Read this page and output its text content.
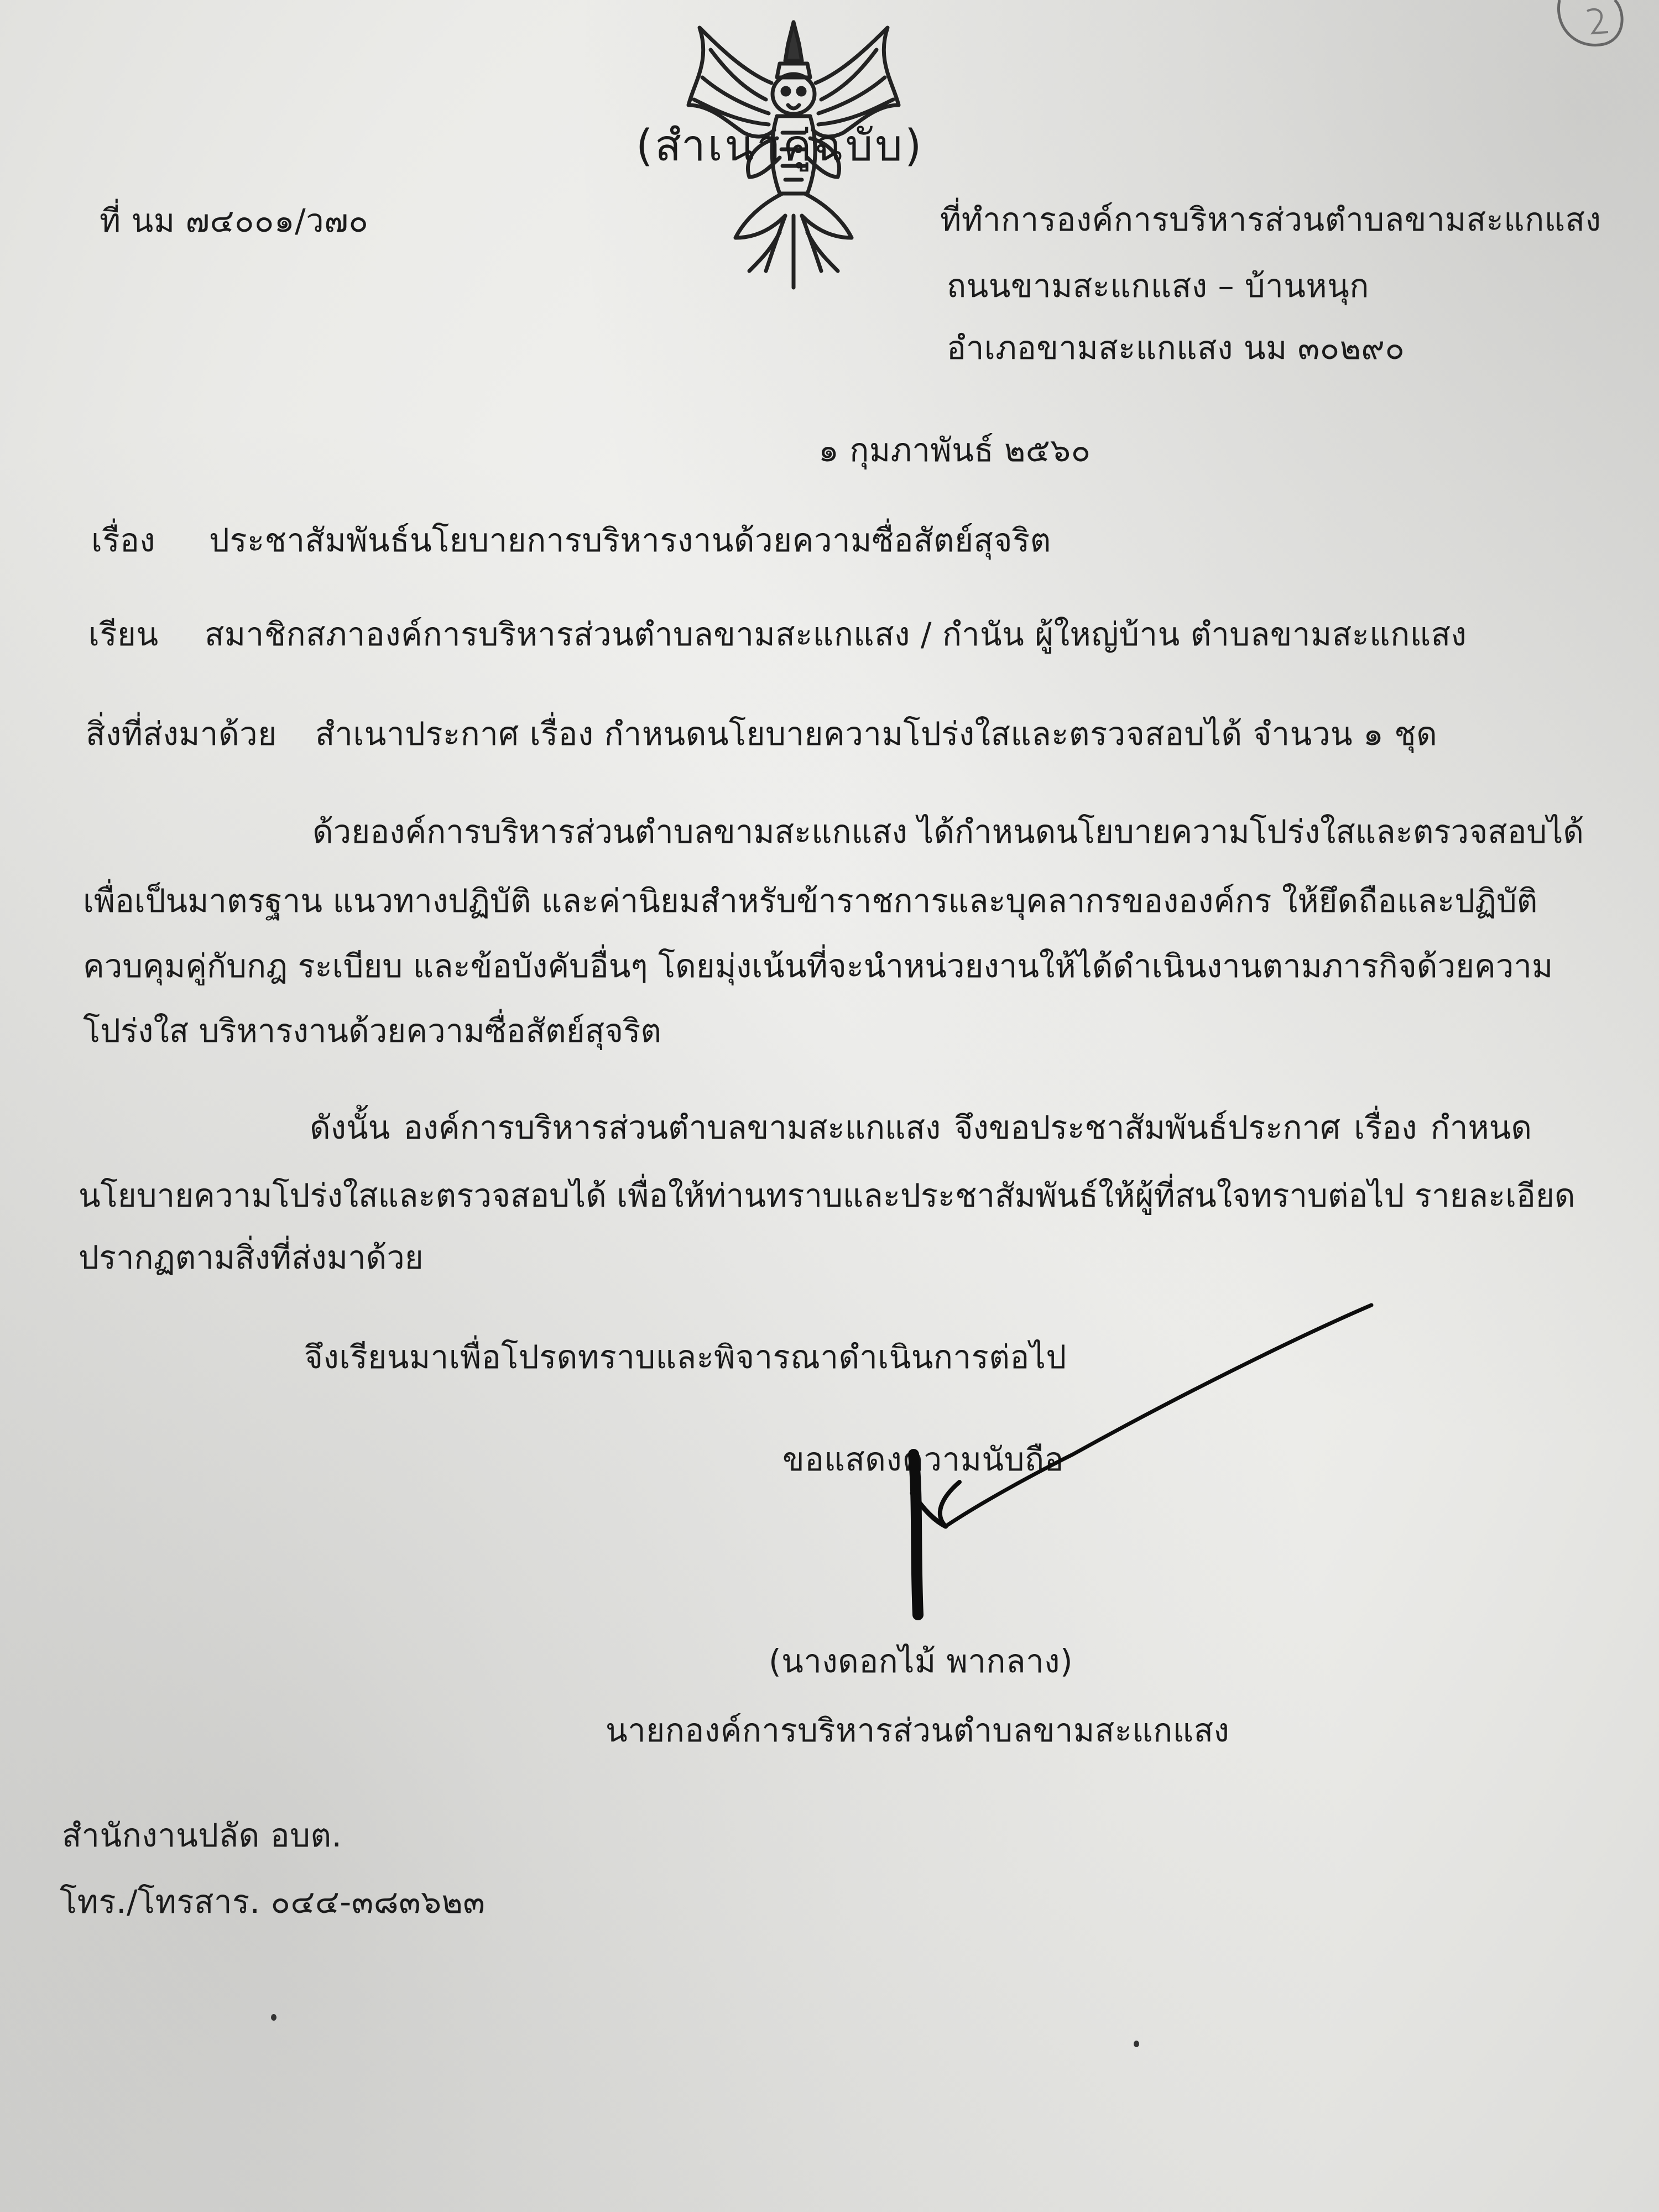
(สำเนาคู่ฉบับ)
ที่ นม ๗๔๐๐๑/ว๗๐	ที่ทำการองค์การบริหารส่วนตำบลขามสะแกแสง
ถนนขามสะแกแสง – บ้านหนุก
อำเภอขามสะแกแสง นม ๓๐๒๙๐
๑ กุมภาพันธ์ ๒๕๖๐
เรื่อง ประชาสัมพันธ์นโยบายการบริหารงานด้วยความซื่อสัตย์สุจริต
เรียน สมาชิกสภาองค์การบริหารส่วนตำบลขามสะแกแสง / กำนัน ผู้ใหญ่บ้าน ตำบลขามสะแกแสง
สิ่งที่ส่งมาด้วย สำเนาประกาศ เรื่อง กำหนดนโยบายความโปร่งใสและตรวจสอบได้ จำนวน ๑ ชุด
ด้วยองค์การบริหารส่วนตำบลขามสะแกแสง ได้กำหนดนโยบายความโปร่งใสและตรวจสอบได้
เพื่อเป็นมาตรฐาน แนวทางปฏิบัติ และค่านิยมสำหรับข้าราชการและบุคลากรขององค์กร ให้ยึดถือและปฏิบัติ
ควบคุมคู่กับกฎ ระเบียบ และข้อบังคับอื่นๆ โดยมุ่งเน้นที่จะนำหน่วยงานให้ได้ดำเนินงานตามภารกิจด้วยความ
โปร่งใส บริหารงานด้วยความซื่อสัตย์สุจริต
ดังนั้น องค์การบริหารส่วนตำบลขามสะแกแสง จึงขอประชาสัมพันธ์ประกาศ เรื่อง กำหนด
นโยบายความโปร่งใสและตรวจสอบได้ เพื่อให้ท่านทราบและประชาสัมพันธ์ให้ผู้ที่สนใจทราบต่อไป รายละเอียด
ปรากฏตามสิ่งที่ส่งมาด้วย
จึงเรียนมาเพื่อโปรดทราบและพิจารณาดำเนินการต่อไป
ขอแสดงความนับถือ
(นางดอกไม้ พากลาง)
นายกองค์การบริหารส่วนตำบลขามสะแกแสง
สำนักงานปลัด อบต.
โทร./โทรสาร. ๐๔๔-๓๘๓๖๒๓
